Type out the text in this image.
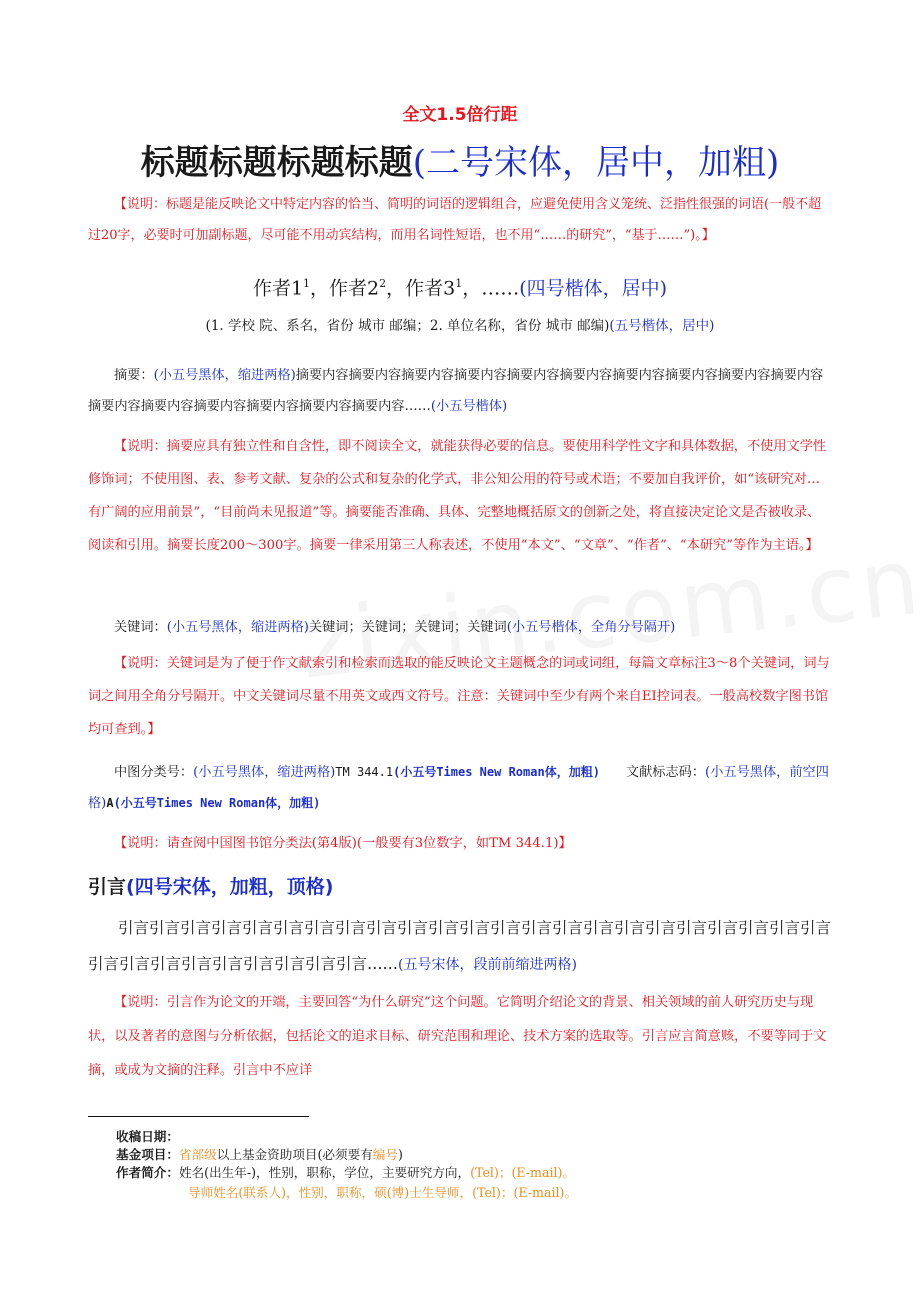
全文1.5倍行距
标题标题标题标题(二号宋体，居中，加粗)
【说明：标题是能反映论文中特定内容的恰当、简明的词语的逻辑组合，应避免使用含义笼统、泛指性很强的词语(一般不超过20字，必要时可加副标题，尽可能不用动宾结构，而用名词性短语，也不用“……的研究”，“基于……”)。】
作者$1^1$，作者$2^2$，作者$3^1$，……(四号楷体，居中)
(1. 学校 院、系名，省份 城市 邮编；2. 单位名称，省份 城市 邮编)(五号楷体，居中)
摘要：(小五号黑体，缩进两格)摘要内容摘要内容摘要内容摘要内容摘要内容摘要内容摘要内容摘要内容摘要内容摘要内容摘要内容摘要内容摘要内容摘要内容摘要内容摘要内容……(小五号楷体)
【说明：摘要应具有独立性和自含性，即不阅读全文，就能获得必要的信息。要使用科学性文字和具体数据，不使用文学性修饰词；不使用图、表、参考文献、复杂的公式和复杂的化学式，非公知公用的符号或术语；不要加自我评价，如“该研究对…有广阔的应用前景”，“目前尚未见报道”等。摘要能否准确、具体、完整地概括原文的创新之处，将直接决定论文是否被收录、阅读和引用。摘要长度200～300字。摘要一律采用第三人称表述，不使用“本文”、“文章”、“作者”、“本研究”等作为主语。】
关键词：(小五号黑体，缩进两格)关键词；关键词；关键词；关键词(小五号楷体，全角分号隔开)
【说明：关键词是为了便于作文献索引和检索而选取的能反映论文主题概念的词或词组，每篇文章标注3～8个关键词，词与词之间用全角分号隔开。中文关键词尽量不用英文或西文符号。注意：关键词中至少有两个来自EI控词表。一般高校数字图书馆均可查到。】
中图分类号：(小五号黑体，缩进两格)TM 344.1(小五号Times New Roman体，加粗) 文献标志码：(小五号黑体，前空四格)A(小五号Times New Roman体，加粗)
【说明：请查阅中国图书馆分类法(第4版)(一般要有3位数字，如TM 344.1)】
引言(四号宋体，加粗，顶格)
引言引言引言引言引言引言引言引言引言引言引言引言引言引言引言引言引言引言引言引言引言引言引言引言引言引言引言引言引言引言引言引言……(五号宋体，段前前缩进两格)
【说明：引言作为论文的开端，主要回答“为什么研究”这个问题。它简明介绍论文的背景、相关领域的前人研究历史与现状，以及著者的意图与分析依据，包括论文的追求目标、研究范围和理论、技术方案的选取等。引言应言简意赅，不要等同于文摘，或成为文摘的注释。引言中不应详
收稿日期：
基金项目：省部级以上基金资助项目(必须要有编号)
作者简介：姓名(出生年-)，性别，职称，学位，主要研究方向，(Tel)；(E-mail)。
导师姓名(联系人)，性别，职称，硕(博)士生导师，(Tel)；(E-mail)。
